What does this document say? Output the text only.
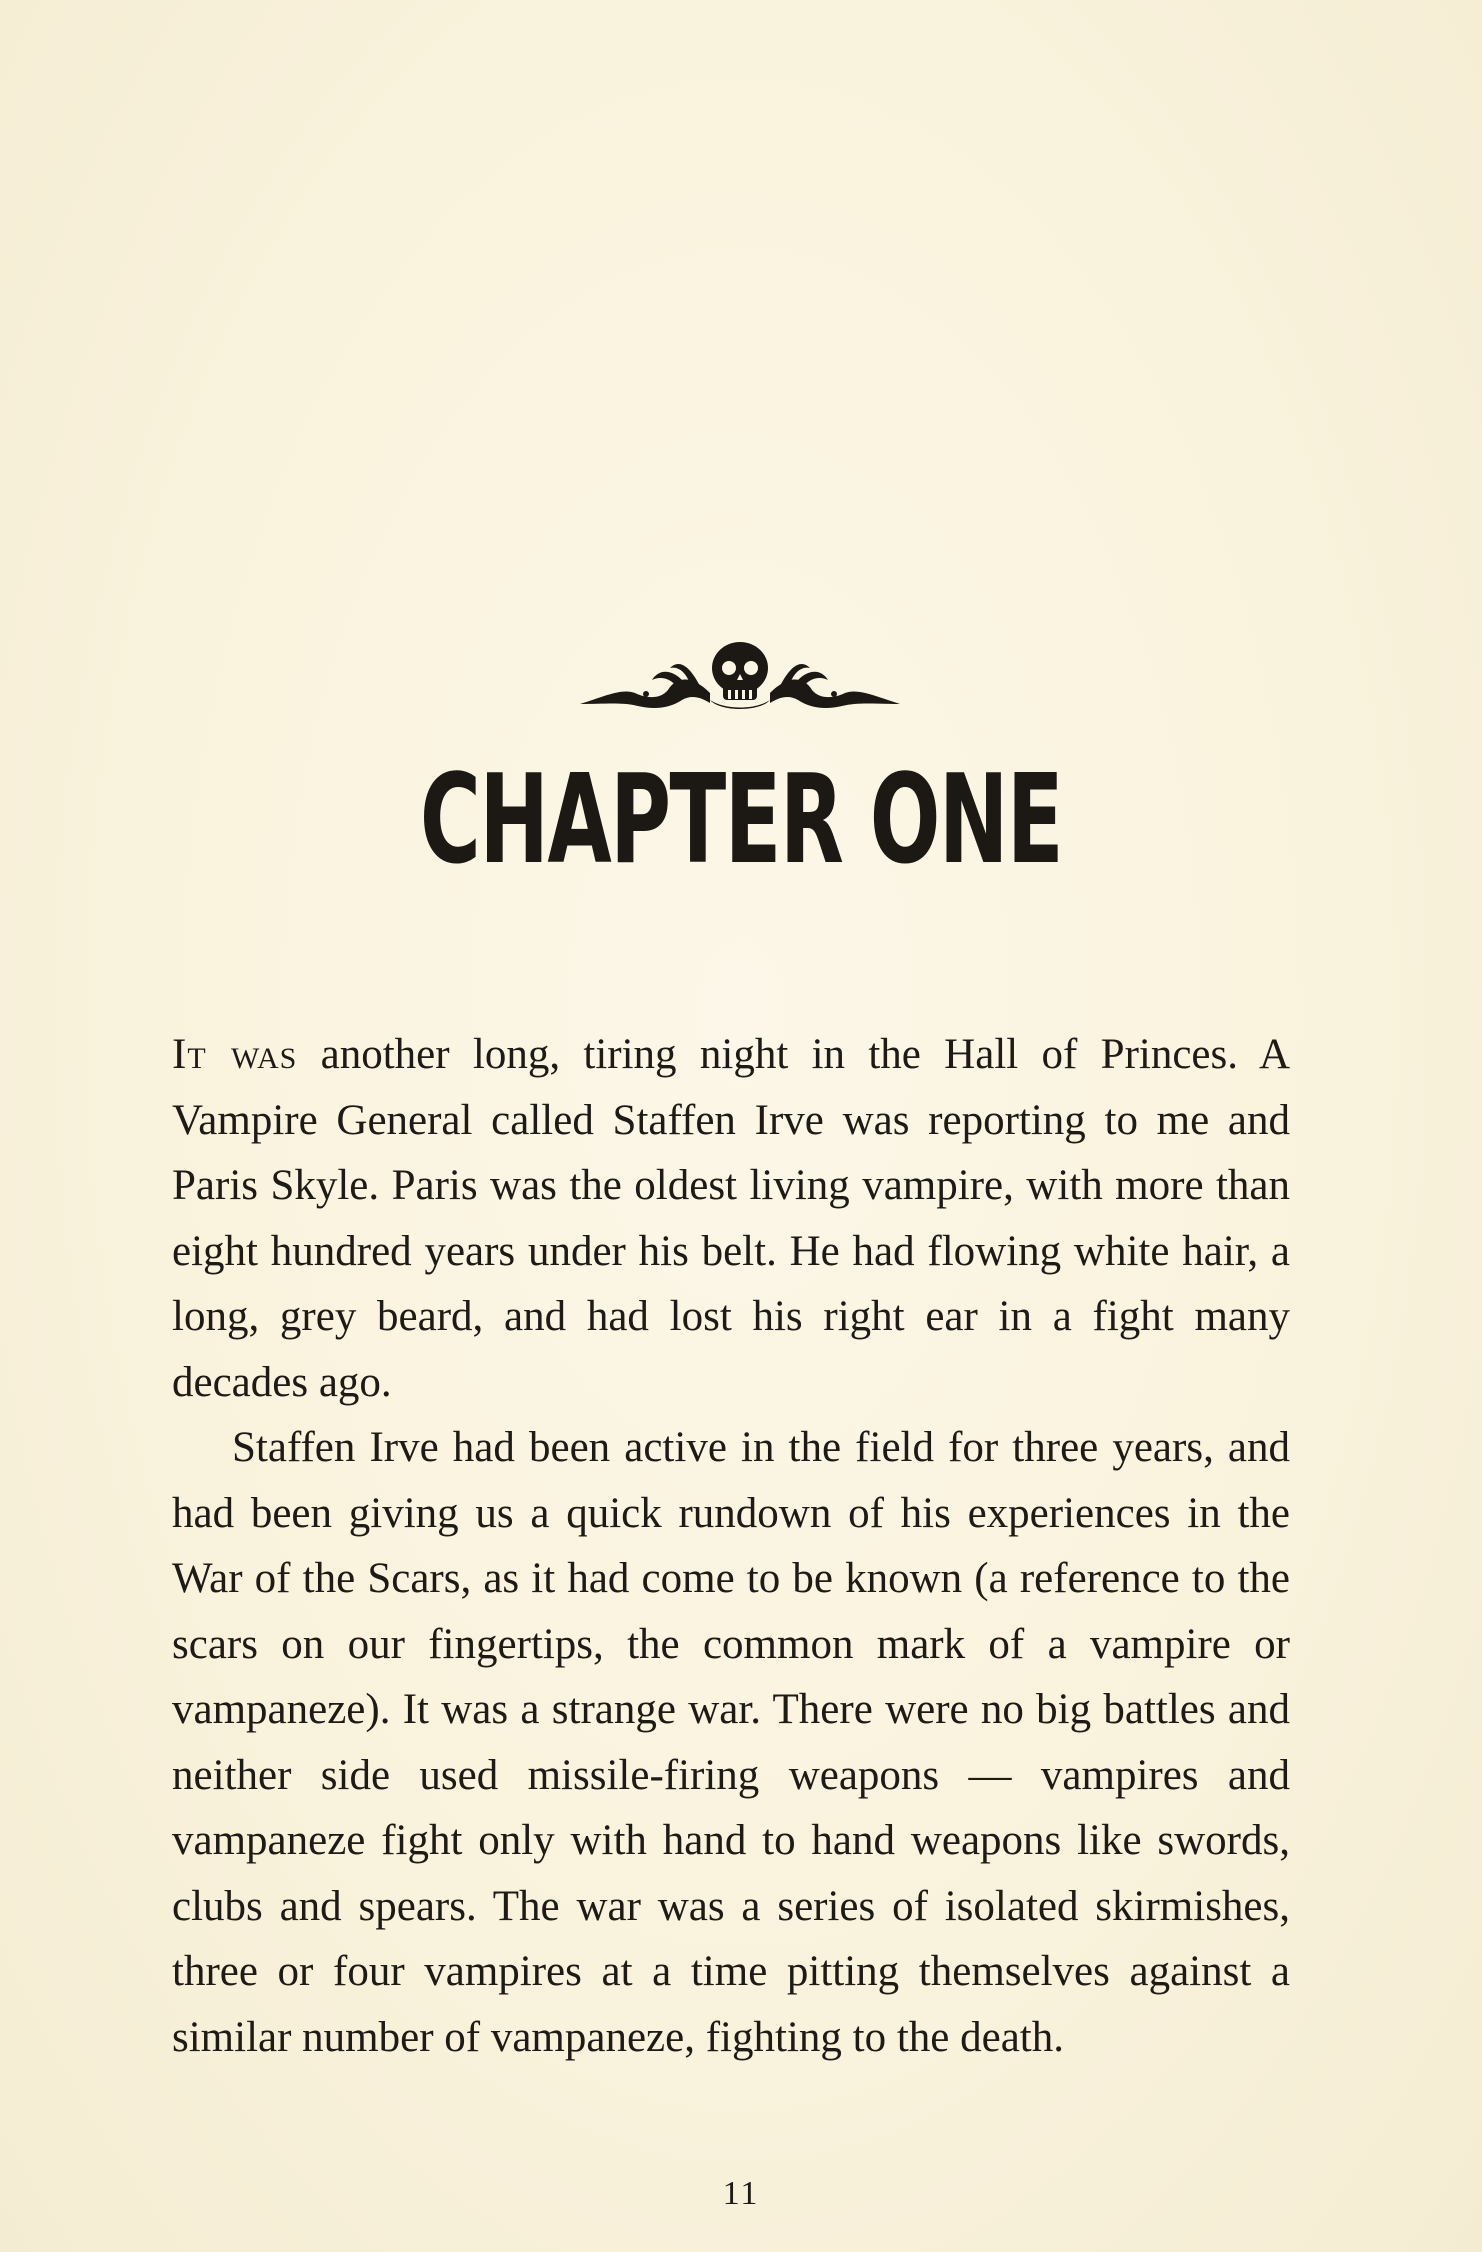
CHAPTER ONE

It was another long, tiring night in the Hall of Princes. A Vampire General called Staffen Irve was reporting to me and Paris Skyle. Paris was the oldest living vampire, with more than eight hundred years under his belt. He had flowing white hair, a long, grey beard, and had lost his right ear in a fight many decades ago.

Staffen Irve had been active in the field for three years, and had been giving us a quick rundown of his experiences in the War of the Scars, as it had come to be known (a reference to the scars on our fingertips, the common mark of a vampire or vampaneze). It was a strange war. There were no big battles and neither side used missile-firing weapons — vampires and vampaneze fight only with hand to hand weapons like swords, clubs and spears. The war was a series of isolated skirmishes, three or four vampires at a time pitting themselves against a similar number of vampaneze, fighting to the death.

11
